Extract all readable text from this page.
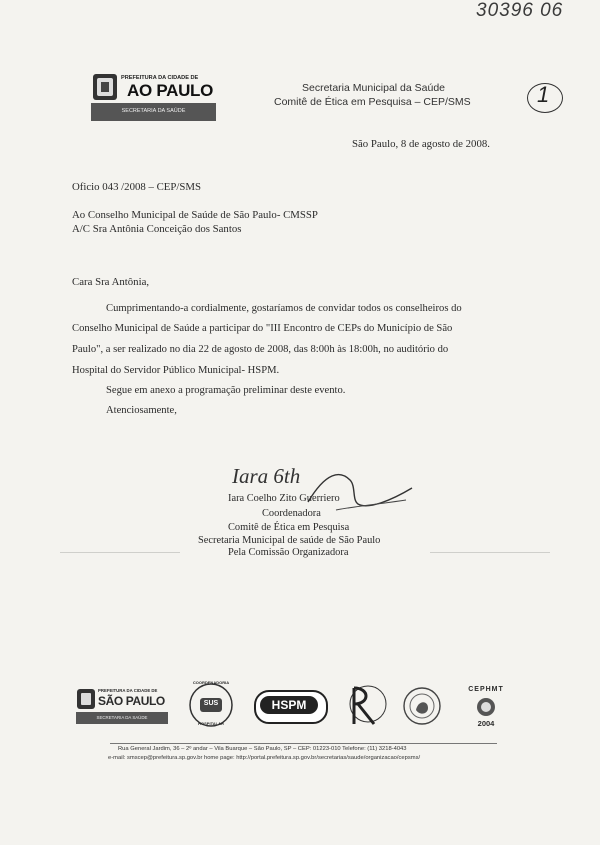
30396 06
1
PREFEITURA DA CIDADE DE
AO PAULO
SECRETARIA DA SAÚDE
Secretaria Municipal da Saúde
Comitê de Ética em Pesquisa – CEP/SMS
São Paulo, 8 de agosto de 2008.
Oficio 043 /2008 – CEP/SMS
Ao Conselho Municipal de Saúde de São Paulo- CMSSP
A/C Sra Antônia Conceição dos Santos
Cara Sra Antônia,
Cumprimentando-a cordialmente, gostaríamos de convidar todos os conselheiros do
Conselho Municipal de Saúde a participar do "III Encontro de CEPs do Município de São
Paulo", a ser realizado no dia 22 de agosto de 2008, das 8:00h às 18:00h, no auditório do
Hospital do Servidor Público Municipal- HSPM.
Segue em anexo a programação preliminar deste evento.
Atenciosamente,
Iara 6th
Iara Coelho Zito Guerriero
Coordenadora
Comitê de Ética em Pesquisa
Secretaria Municipal de saúde de São Paulo
Pela Comissão Organizadora
PREFEITURA DA CIDADE DE
SÃO PAULO
SECRETARIA DA SAÚDE
COORDENADORIA
SUS
HOSPITALAR
HSPM
CEPHMT
2004
Rua General Jardim, 36 – 2º andar – Vila Buarque – São Paulo, SP – CEP: 01223-010 Telefone: (11) 3218-4043
e-mail: smscep@prefeitura.sp.gov.br home page: http://portal.prefeitura.sp.gov.br/secretarias/saude/organizacao/cepsms/
